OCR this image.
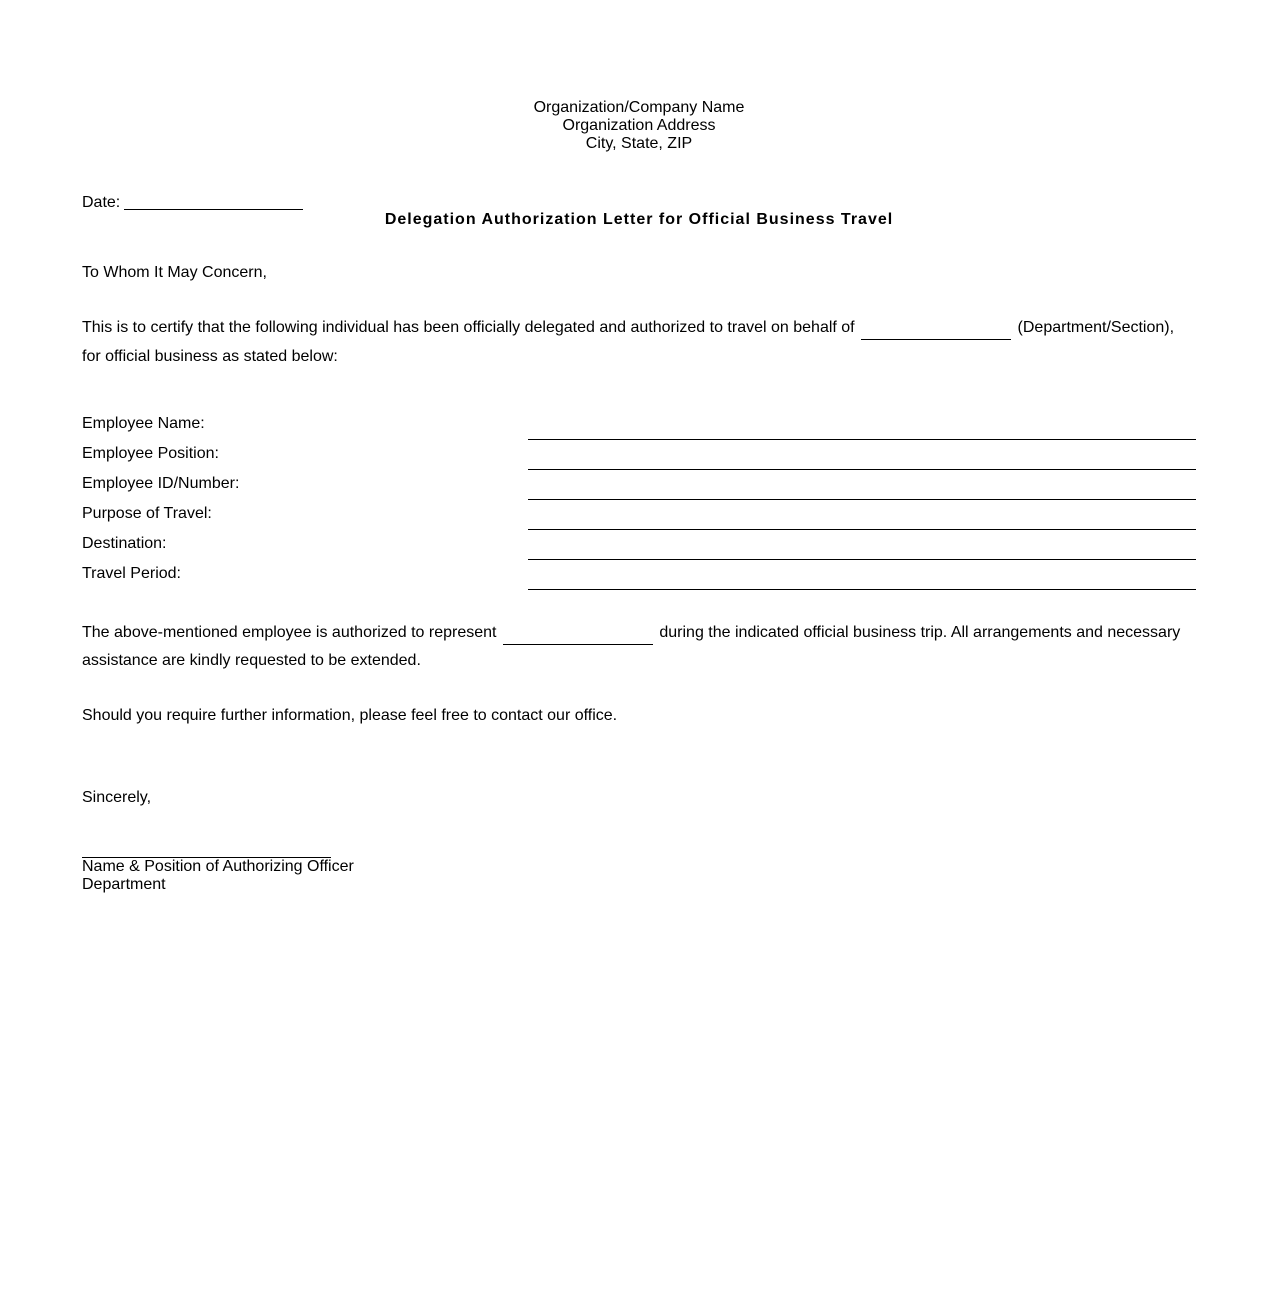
Organization/Company Name
Organization Address
City, State, ZIP
Date:
Delegation Authorization Letter for Official Business Travel
To Whom It May Concern,
This is to certify that the following individual has been officially delegated and authorized to travel on behalf of	(Department/Section), for official business as stated below:
Employee Name:
Employee Position:
Employee ID/Number:
Purpose of Travel:
Destination:
Travel Period:
The above-mentioned employee is authorized to represent	during the indicated official business trip. All arrangements and necessary assistance are kindly requested to be extended.
Should you require further information, please feel free to contact our office.
Sincerely,
Name & Position of Authorizing Officer
Department
